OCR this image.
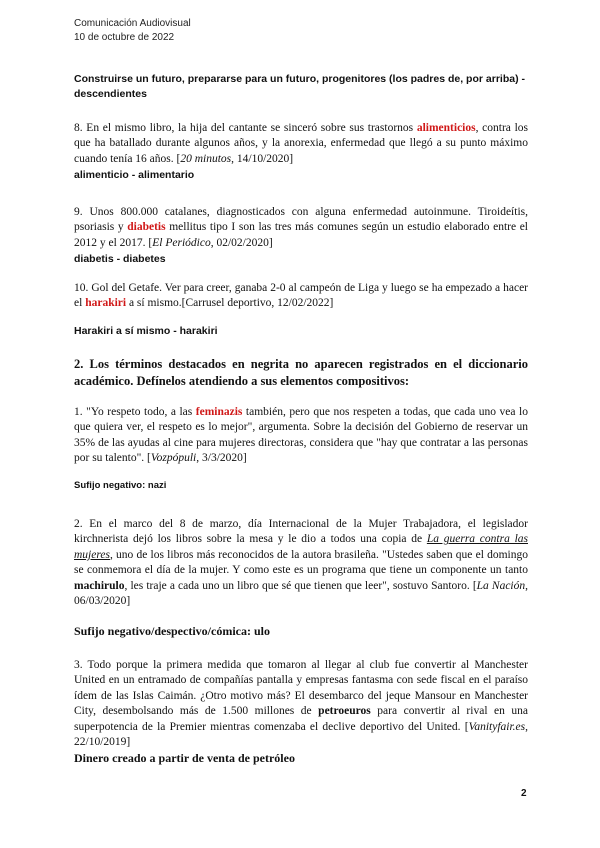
Comunicación Audiovisual
10 de octubre de 2022
Construirse un futuro, prepararse para un futuro, progenitores (los padres de, por arriba) - descendientes
8. En el mismo libro, la hija del cantante se sinceró sobre sus trastornos alimenticios, contra los que ha batallado durante algunos años, y la anorexia, enfermedad que llegó a su punto máximo cuando tenía 16 años. [20 minutos, 14/10/2020]
alimenticio - alimentario
9. Unos 800.000 catalanes, diagnosticados con alguna enfermedad autoinmune. Tiroideítis, psoriasis y diabetis mellitus tipo I son las tres más comunes según un estudio elaborado entre el 2012 y el 2017. [El Periódico, 02/02/2020]
diabetis - diabetes
10. Gol del Getafe. Ver para creer, ganaba 2-0 al campeón de Liga y luego se ha empezado a hacer el harakiri a sí mismo.[Carrusel deportivo, 12/02/2022]
Harakiri a sí mismo - harakiri
2. Los términos destacados en negrita no aparecen registrados en el diccionario académico. Defínelos atendiendo a sus elementos compositivos:
1. "Yo respeto todo, a las feminazis también, pero que nos respeten a todas, que cada uno vea lo que quiera ver, el respeto es lo mejor", argumenta. Sobre la decisión del Gobierno de reservar un 35% de las ayudas al cine para mujeres directoras, considera que "hay que contratar a las personas por su talento". [Vozpópuli, 3/3/2020]
Sufijo negativo: nazi
2. En el marco del 8 de marzo, día Internacional de la Mujer Trabajadora, el legislador kirchnerista dejó los libros sobre la mesa y le dio a todos una copia de La guerra contra las mujeres, uno de los libros más reconocidos de la autora brasileña. "Ustedes saben que el domingo se conmemora el día de la mujer. Y como este es un programa que tiene un componente un tanto machirulo, les traje a cada uno un libro que sé que tienen que leer", sostuvo Santoro. [La Nación, 06/03/2020]
Sufijo negativo/despectivo/cómica: ulo
3. Todo porque la primera medida que tomaron al llegar al club fue convertir al Manchester United en un entramado de compañías pantalla y empresas fantasma con sede fiscal en el paraíso ídem de las Islas Caimán. ¿Otro motivo más? El desembarco del jeque Mansour en Manchester City, desembolsando más de 1.500 millones de petroeuros para convertir al rival en una superpotencia de la Premier mientras comenzaba el declive deportivo del United. [Vanityfair.es, 22/10/2019]
Dinero creado a partir de venta de petróleo
2
